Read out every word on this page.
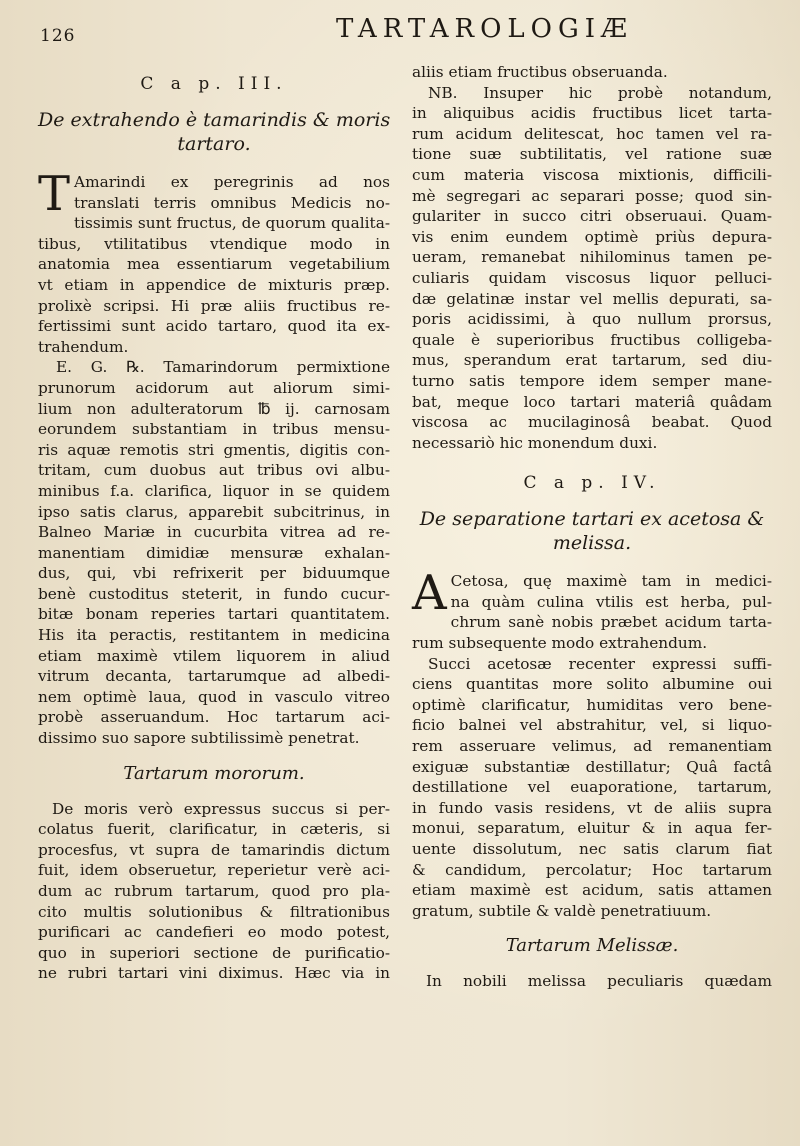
126	TARTAROLOGIÆ
C a p. III.
De extrahendo è tamarindis & moris
tartaro.
T Amarindi ex peregrinis ad nos
translati terris omnibus Medicis no-
tissimis sunt fructus, de quorum qualita-
tibus, vtilitatibus vtendique modo in
anatomia mea essentiarum vegetabilium
vt etiam in appendice de mixturis præp.
prolixè scripsi. Hi præ aliis fructibus re-
fertissimi sunt acido tartaro, quod ita ex-
trahendum.
E. G. ℞. Tamarindorum permixtione
prunorum acidorum aut aliorum simi-
lium non adulteratorum ℔ ij. carnosam
eorundem substantiam in tribus mensu-
ris aquæ remotis stri gmentis, digitis con-
tritam, cum duobus aut tribus ovi albu-
minibus f.a. clarifica, liquor in se quidem
ipso satis clarus, apparebit subcitrinus, in
Balneo Mariæ in cucurbita vitrea ad re-
manentiam dimidiæ mensuræ exhalan-
dus, qui, vbi refrixerit per biduumque
benè custoditus steterit, in fundo cucur-
bitæ bonam reperies tartari quantitatem.
His ita peractis, restitantem in medicina
etiam maximè vtilem liquorem in aliud
vitrum decanta, tartarumque ad albedi-
nem optimè laua, quod in vasculo vitreo
probè asseruandum. Hoc tartarum aci-
dissimo suo sapore subtilissimè penetrat.
Tartarum mororum.
De moris verò expressus succus si per-
colatus fuerit, clarificatur, in cæteris, si
procesfus, vt supra de tamarindis dictum
fuit, idem obseruetur, reperietur verè aci-
dum ac rubrum tartarum, quod pro pla-
cito multis solutionibus & filtrationibus
purificari ac candefieri eo modo potest,
quo in superiori sectione de purificatio-
ne rubri tartari vini diximus. Hæc via in
aliis etiam fructibus obseruanda.
NB. Insuper hic probè notandum,
in aliquibus acidis fructibus licet tarta-
rum acidum delitescat, hoc tamen vel ra-
tione suæ subtilitatis, vel ratione suæ
cum materia viscosa mixtionis, difficili-
mè segregari ac separari posse; quod sin-
gulariter in succo citri obseruaui. Quam-
vis enim eundem optimè priùs depura-
ueram, remanebat nihilominus tamen pe-
culiaris quidam viscosus liquor pelluci-
dæ gelatinæ instar vel mellis depurati, sa-
poris acidissimi, à quo nullum prorsus,
quale è superioribus fructibus colligeba-
mus, sperandum erat tartarum, sed diu-
turno satis tempore idem semper mane-
bat, meque loco tartari materiâ quâdam
viscosa ac mucilaginosâ beabat. Quod
necessariò hic monendum duxi.
C a p. IV.
De separatione tartari ex acetosa &
melissa.
A Cetosa, quę maximè tam in medici-
na quàm culina vtilis est herba, pul-
chrum sanè nobis præbet acidum tarta-
rum subsequente modo extrahendum.
Succi acetosæ recenter expressi suffi-
ciens quantitas more solito albumine oui
optimè clarificatur, humiditas vero bene-
ficio balnei vel abstrahitur, vel, si liquo-
rem asseruare velimus, ad remanentiam
exiguæ substantiæ destillatur; Quâ factâ
destillatione vel euaporatione, tartarum,
in fundo vasis residens, vt de aliis supra
monui, separatum, eluitur & in aqua fer-
uente dissolutum, nec satis clarum fiat
& candidum, percolatur; Hoc tartarum
etiam maximè est acidum, satis attamen
gratum, subtile & valdè penetratiuum.
Tartarum Melissæ.
In nobili melissa peculiaris quædam
